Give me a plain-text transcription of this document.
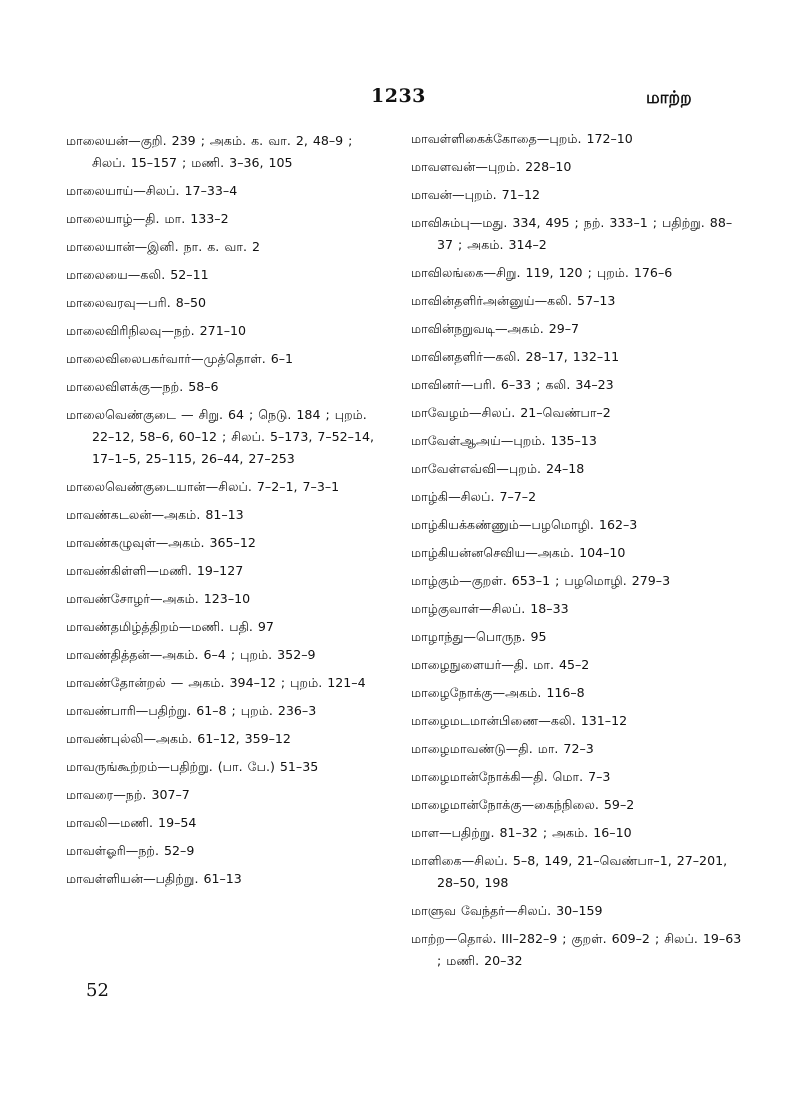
1233	மாற்ற
மாலையன்—குறி. 239 ; அகம். க. வா. 2, 48–9 ; சிலப். 15–157 ; மணி. 3–36, 105
மாலையாய்—சிலப். 17–33–4
மாலையாழ்—தி. மா. 133–2
மாலையான்—இனி. நா. க. வா. 2
மாலையை—கலி. 52–11
மாலைவரவு—பரி. 8–50
மாலைவிரிநிலவு—நற். 271–10
மாலைவிலைபகர்வார்—முத்தொள். 6–1
மாலைவிளக்கு—நற். 58–6
மாலைவெண்குடை — சிறு. 64 ; நெடு. 184 ; புறம். 22–12, 58–6, 60–12 ; சிலப். 5–173, 7–52–14, 17–1–5, 25–115, 26–44, 27–253
மாலைவெண்குடையான்—சிலப். 7–2–1, 7–3–1
மாவண்கடலன்—அகம். 81–13
மாவண்கழுவுள்—அகம். 365–12
மாவண்கிள்ளி—மணி. 19–127
மாவண்சோழர்—அகம். 123–10
மாவண்தமிழ்த்திறம்—மணி. பதி. 97
மாவண்தித்தன்—அகம். 6–4 ; புறம். 352–9
மாவண்தோன்றல் — அகம். 394–12 ; புறம். 121–4
மாவண்பாரி—பதிற்று. 61–8 ; புறம். 236–3
மாவண்புல்லி—அகம். 61–12, 359–12
மாவருங்கூற்றம்—பதிற்று. (பா. பே.) 51–35
மாவரை—நற். 307–7
மாவலி—மணி. 19–54
மாவள்ஓரி—நற். 52–9
மாவள்ளியன்—பதிற்று. 61–13
மாவள்ளிகைக்கோதை—புறம். 172–10
மாவளவன்—புறம். 228–10
மாவன்—புறம். 71–12
மாவிசும்பு—மது. 334, 495 ; நற். 333–1 ; பதிற்று. 88–37 ; அகம். 314–2
மாவிலங்கை—சிறு. 119, 120 ; புறம். 176–6
மாவின்தளிர்அன்னுய்—கலி. 57–13
மாவின்நறுவடி—அகம். 29–7
மாவினதளிர்—கலி. 28–17, 132–11
மாவினர்—பரி. 6–33 ; கலி. 34–23
மாவேழம்—சிலப். 21–வெண்பா–2
மாவேள்ஆஅய்—புறம். 135–13
மாவேள்எவ்வி—புறம். 24–18
மாழ்கி—சிலப். 7–7–2
மாழ்கியக்கண்ணும்—பழமொழி. 162–3
மாழ்கியன்னசெவிய—அகம். 104–10
மாழ்கும்—குறள். 653–1 ; பழமொழி. 279–3
மாழ்குவாள்—சிலப். 18–33
மாழாந்து—பொருந. 95
மாழைநுளையர்—தி. மா. 45–2
மாழைநோக்கு—அகம். 116–8
மாழைமடமான்பிணை—கலி. 131–12
மாழைமாவண்டு—தி. மா. 72–3
மாழைமான்நோக்கி—தி. மொ. 7–3
மாழைமான்நோக்கு—கைந்நிலை. 59–2
மாள—பதிற்று. 81–32 ; அகம். 16–10
மாளிகை—சிலப். 5–8, 149, 21–வெண்பா–1, 27–201, 28–50, 198
மாளுவ வேந்தர்—சிலப். 30–159
மாற்ற—தொல். III–282–9 ; குறள். 609–2 ; சிலப். 19–63 ; மணி. 20–32
52
